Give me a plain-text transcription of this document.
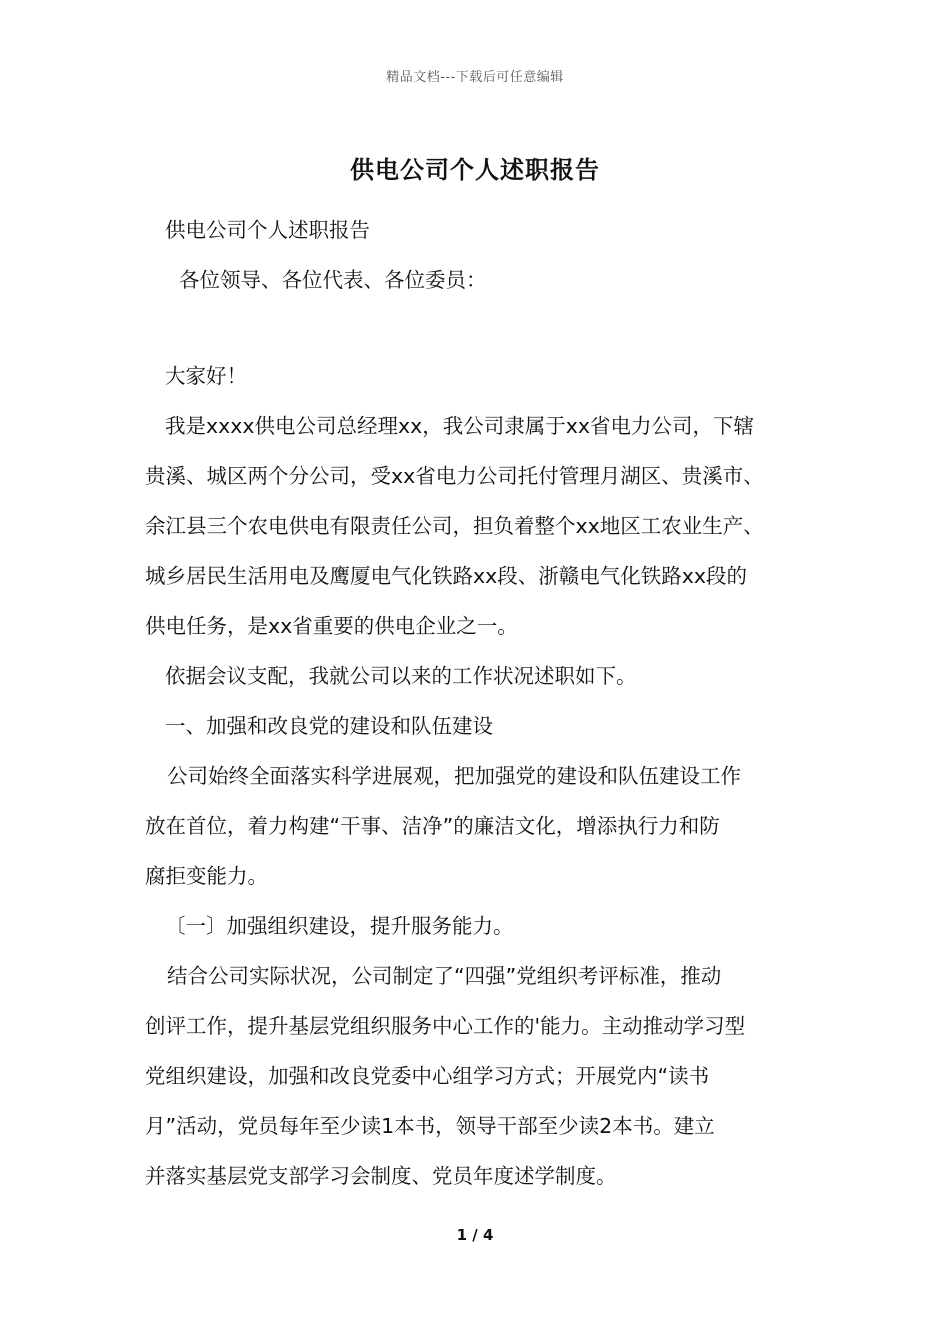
精品文档---下载后可任意编辑
供电公司个人述职报告
供电公司个人述职报告
各位领导、各位代表、各位委员：
大家好！
我是xxxx供电公司总经理xx，我公司隶属于xx省电力公司，下辖
贵溪、城区两个分公司，受xx省电力公司托付管理月湖区、贵溪市、
余江县三个农电供电有限责任公司，担负着整个xx地区工农业生产、
城乡居民生活用电及鹰厦电气化铁路xx段、浙赣电气化铁路xx段的
供电任务，是xx省重要的供电企业之一。
依据会议支配，我就公司以来的工作状况述职如下。
一、加强和改良党的建设和队伍建设
公司始终全面落实科学进展观，把加强党的建设和队伍建设工作
放在首位，着力构建“干事、洁净”的廉洁文化，增添执行力和防
腐拒变能力。
〔一〕加强组织建设，提升服务能力。
结合公司实际状况，公司制定了“四强”党组织考评标准，推动
创评工作，提升基层党组织服务中心工作的'能力。主动推动学习型
党组织建设，加强和改良党委中心组学习方式；开展党内“读书
月”活动，党员每年至少读1本书，领导干部至少读2本书。建立
并落实基层党支部学习会制度、党员年度述学制度。
1 / 4
